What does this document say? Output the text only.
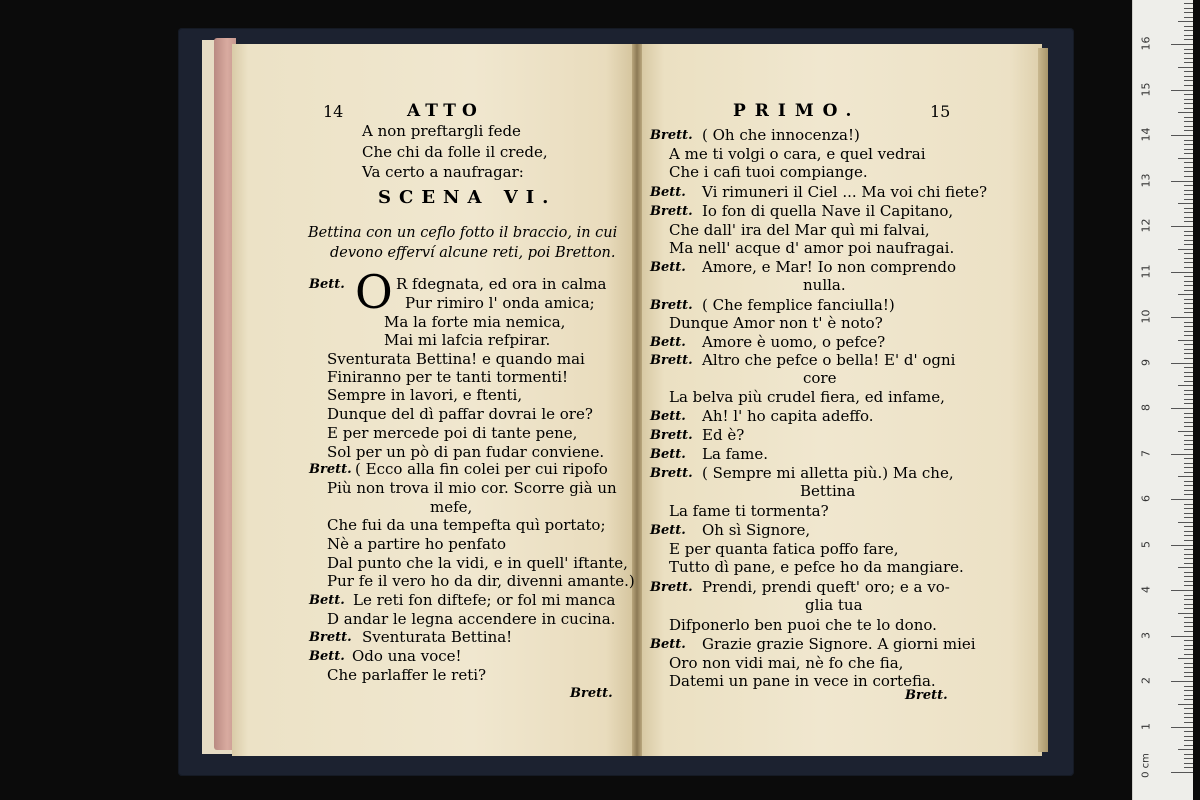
14	ATTO
A non preftargli fede
Che chi da folle il crede,
Va certo a naufragar:
SCENA VI.
Bettina con un ceflo fotto il braccio, in cui
devono efferví alcune reti, poi Bretton.
Bett. O R fdegnata, ed ora in calma
Pur rimiro l' onda amica;
Ma la forte mia nemica,
Mai mi lafcia refpirar.
Sventurata Bettina! e quando mai
Finiranno per te tanti tormenti!
Sempre in lavori, e ftenti,
Dunque del dì paffar dovrai le ore?
E per mercede poi di tante pene,
Sol per un pò di pan fudar conviene.
Brett. ( Ecco alla fin colei per cui ripofo
Più non trova il mio cor. Scorre già un
mefe,
Che fui da una tempefta quì portato;
Nè a partire ho penfato
Dal punto che la vidi, e in quell' iftante,
Pur fe il vero ho da dir, divenni amante.)
Bett. Le reti fon diftefe; or fol mi manca
D andar le legna accendere in cucina.
Brett. Sventurata Bettina!
Bett. Odo una voce!
Che parlaffer le reti?
Brett.
PRIMO.	15
Brett. ( Oh che innocenza!)
A me ti volgi o cara, e quel vedrai
Che i cafi tuoi compiange.
Bett. Vi rimuneri il Ciel ... Ma voi chi fiete?
Brett. Io fon di quella Nave il Capitano,
Che dall' ira del Mar quì mi falvai,
Ma nell' acque d' amor poi naufragai.
Bett. Amore, e Mar! Io non comprendo
nulla.
Brett. ( Che femplice fanciulla!)
Dunque Amor non t' è noto?
Bett. Amore è uomo, o pefce?
Brett. Altro che pefce o bella! E' d' ogni
core
La belva più crudel fiera, ed infame,
Bett. Ah! l' ho capita adeffo.
Brett. Ed è?
Bett. La fame.
Brett. ( Sempre mi alletta più.) Ma che,
Bettina
La fame ti tormenta?
Bett. Oh sì Signore,
E per quanta fatica poffo fare,
Tutto dì pane, e pefce ho da mangiare.
Brett. Prendi, prendi queft' oro; e a vo-
glia tua
Difponerlo ben puoi che te lo dono.
Bett. Grazie grazie Signore. A giorni miei
Oro non vidi mai, nè fo che fia,
Datemi un pane in vece in cortefia.
Brett.
0 cm
1
2
3
4
5
6
7
8
9
10
11
12
13
14
15
16
